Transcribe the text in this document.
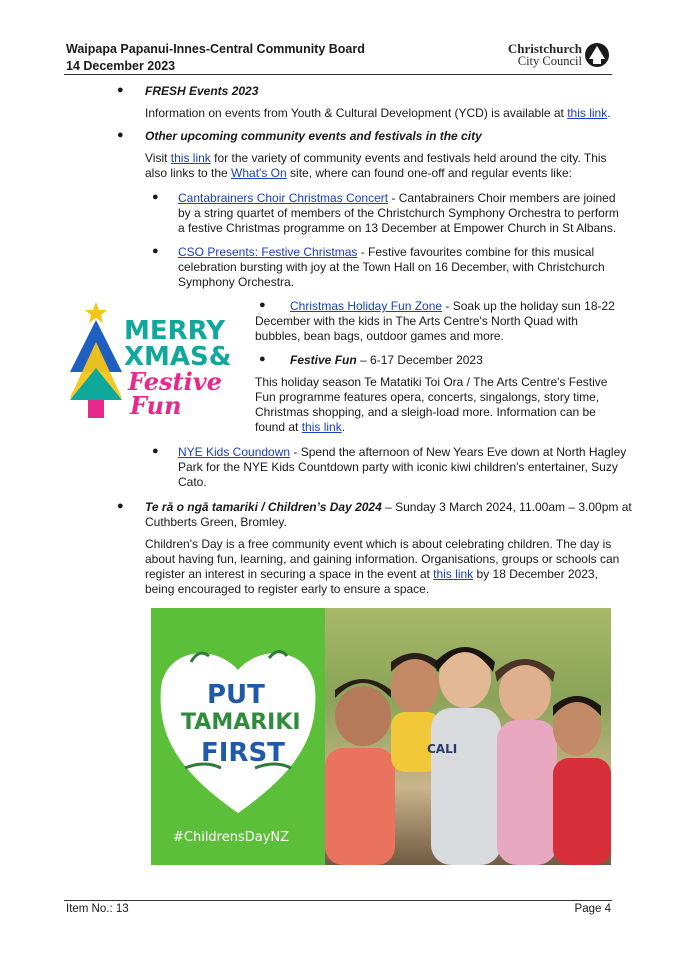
Waipapa Papanui-Innes-Central Community Board
14 December 2023
Christchurch
City Council
● FRESH Events 2023
Information on events from Youth & Cultural Development (YCD) is available at this link.
● Other upcoming community events and festivals in the city
Visit this link for the variety of community events and festivals held around the city. This
also links to the What's On site, where can found one-off and regular events like:
● Cantabrainers Choir Christmas Concert - Cantabrainers Choir members are joined
by a string quartet of members of the Christchurch Symphony Orchestra to perform
a festive Christmas programme on 13 December at Empower Church in St Albans.
● CSO Presents: Festive Christmas - Festive favourites combine for this musical
celebration bursting with joy at the Town Hall on 16 December, with Christchurch
Symphony Orchestra.
MERRY
XMAS&
Festive
Fun
● Christmas Holiday Fun Zone - Soak up the holiday sun 18-22
December with the kids in The Arts Centre's North Quad with
bubbles, bean bags, outdoor games and more.
● Festive Fun – 6-17 December 2023
This holiday season Te Matatiki Toi Ora / The Arts Centre's Festive
Fun programme features opera, concerts, singalongs, story time,
Christmas shopping, and a sleigh-load more. Information can be
found at this link.
● NYE Kids Coundown - Spend the afternoon of New Years Eve down at North Hagley
Park for the NYE Kids Countdown party with iconic kiwi children's entertainer, Suzy
Cato.
● Te rā o ngā tamariki / Children’s Day 2024 – Sunday 3 March 2024, 11.00am – 3.00pm at
Cuthberts Green, Bromley.
Children's Day is a free community event which is about celebrating children. The day is
about having fun, learning, and gaining information. Organisations, groups or schools can
register an interest in securing a space in the event at this link by 18 December 2023,
being encouraged to register early to ensure a space.
PUT
TAMARIKI
FIRST
#ChildrensDayNZ
CALI
Item No.: 13	Page 4
